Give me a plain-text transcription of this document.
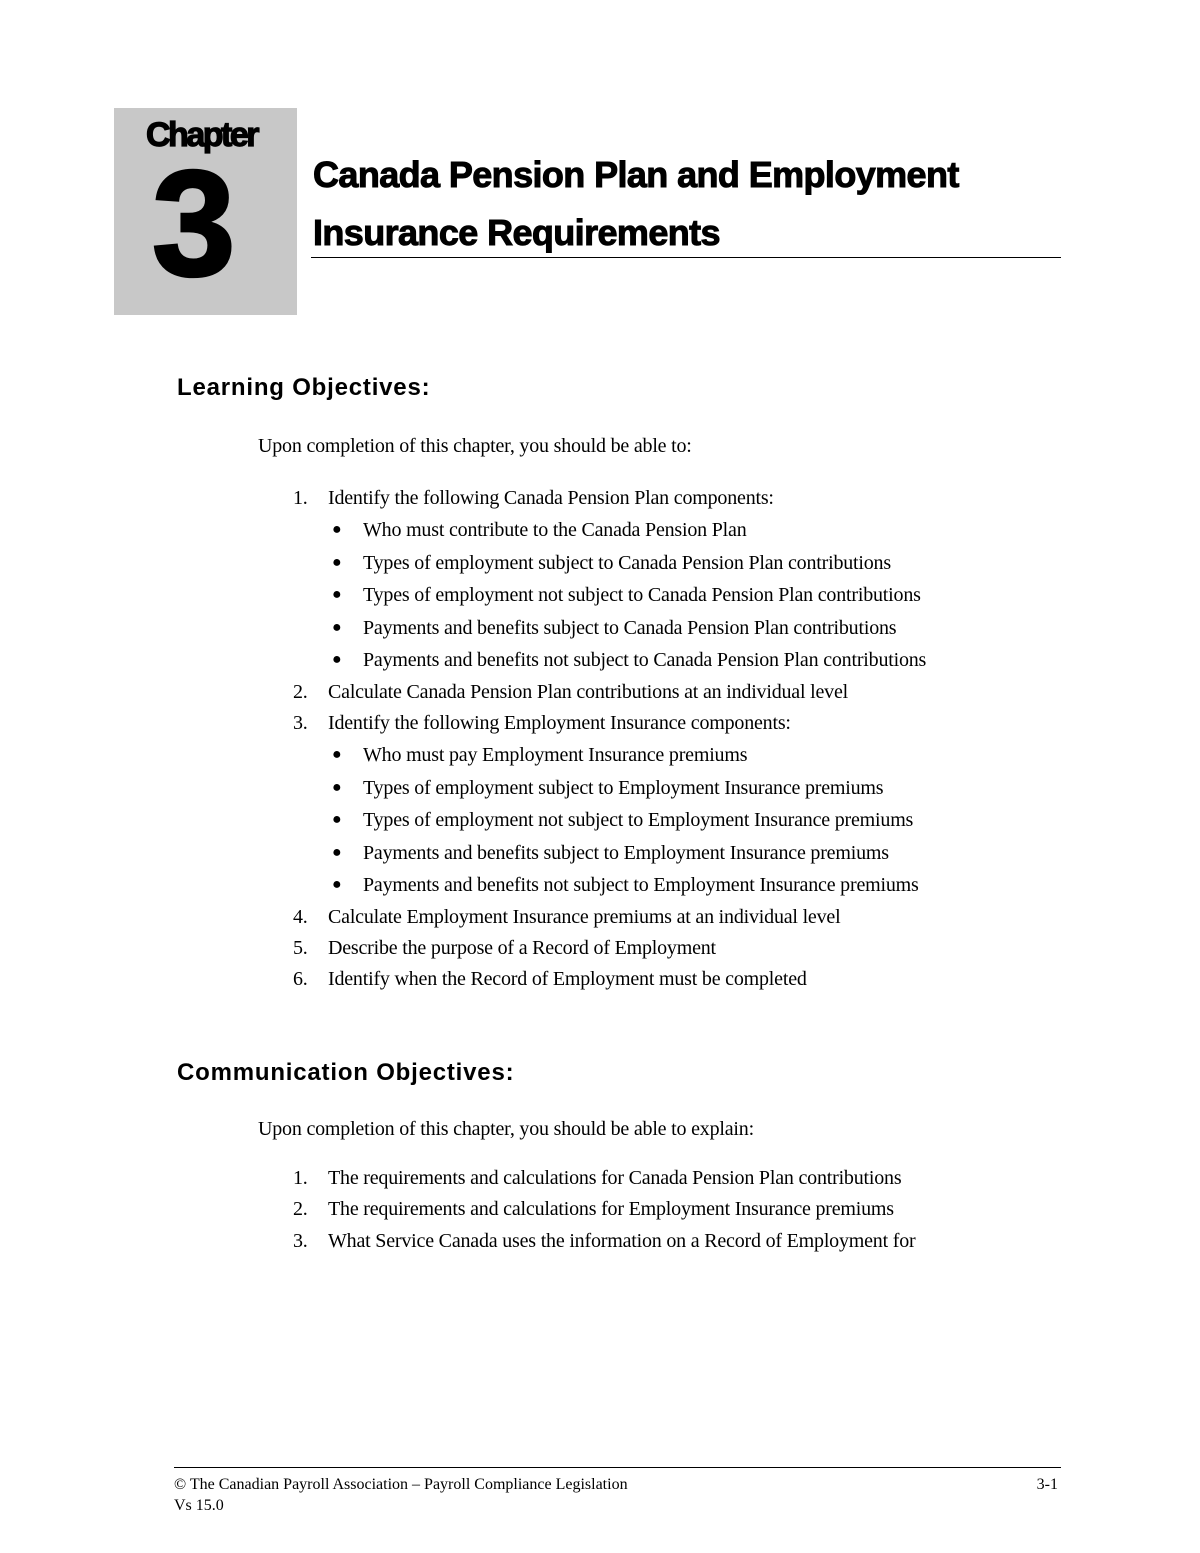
Chapter
3 Canada Pension Plan and Employment Insurance Requirements
Learning Objectives:

Upon completion of this chapter, you should be able to:

1. Identify the following Canada Pension Plan components:
● Who must contribute to the Canada Pension Plan
● Types of employment subject to Canada Pension Plan contributions
● Types of employment not subject to Canada Pension Plan contributions
● Payments and benefits subject to Canada Pension Plan contributions
● Payments and benefits not subject to Canada Pension Plan contributions
2. Calculate Canada Pension Plan contributions at an individual level
3. Identify the following Employment Insurance components:
● Who must pay Employment Insurance premiums
● Types of employment subject to Employment Insurance premiums
● Types of employment not subject to Employment Insurance premiums
● Payments and benefits subject to Employment Insurance premiums
● Payments and benefits not subject to Employment Insurance premiums
4. Calculate Employment Insurance premiums at an individual level
5. Describe the purpose of a Record of Employment
6. Identify when the Record of Employment must be completed
Communication Objectives:

Upon completion of this chapter, you should be able to explain:

1. The requirements and calculations for Canada Pension Plan contributions
2. The requirements and calculations for Employment Insurance premiums
3. What Service Canada uses the information on a Record of Employment for
© The Canadian Payroll Association – Payroll Compliance Legislation
Vs 15.0
3-1
